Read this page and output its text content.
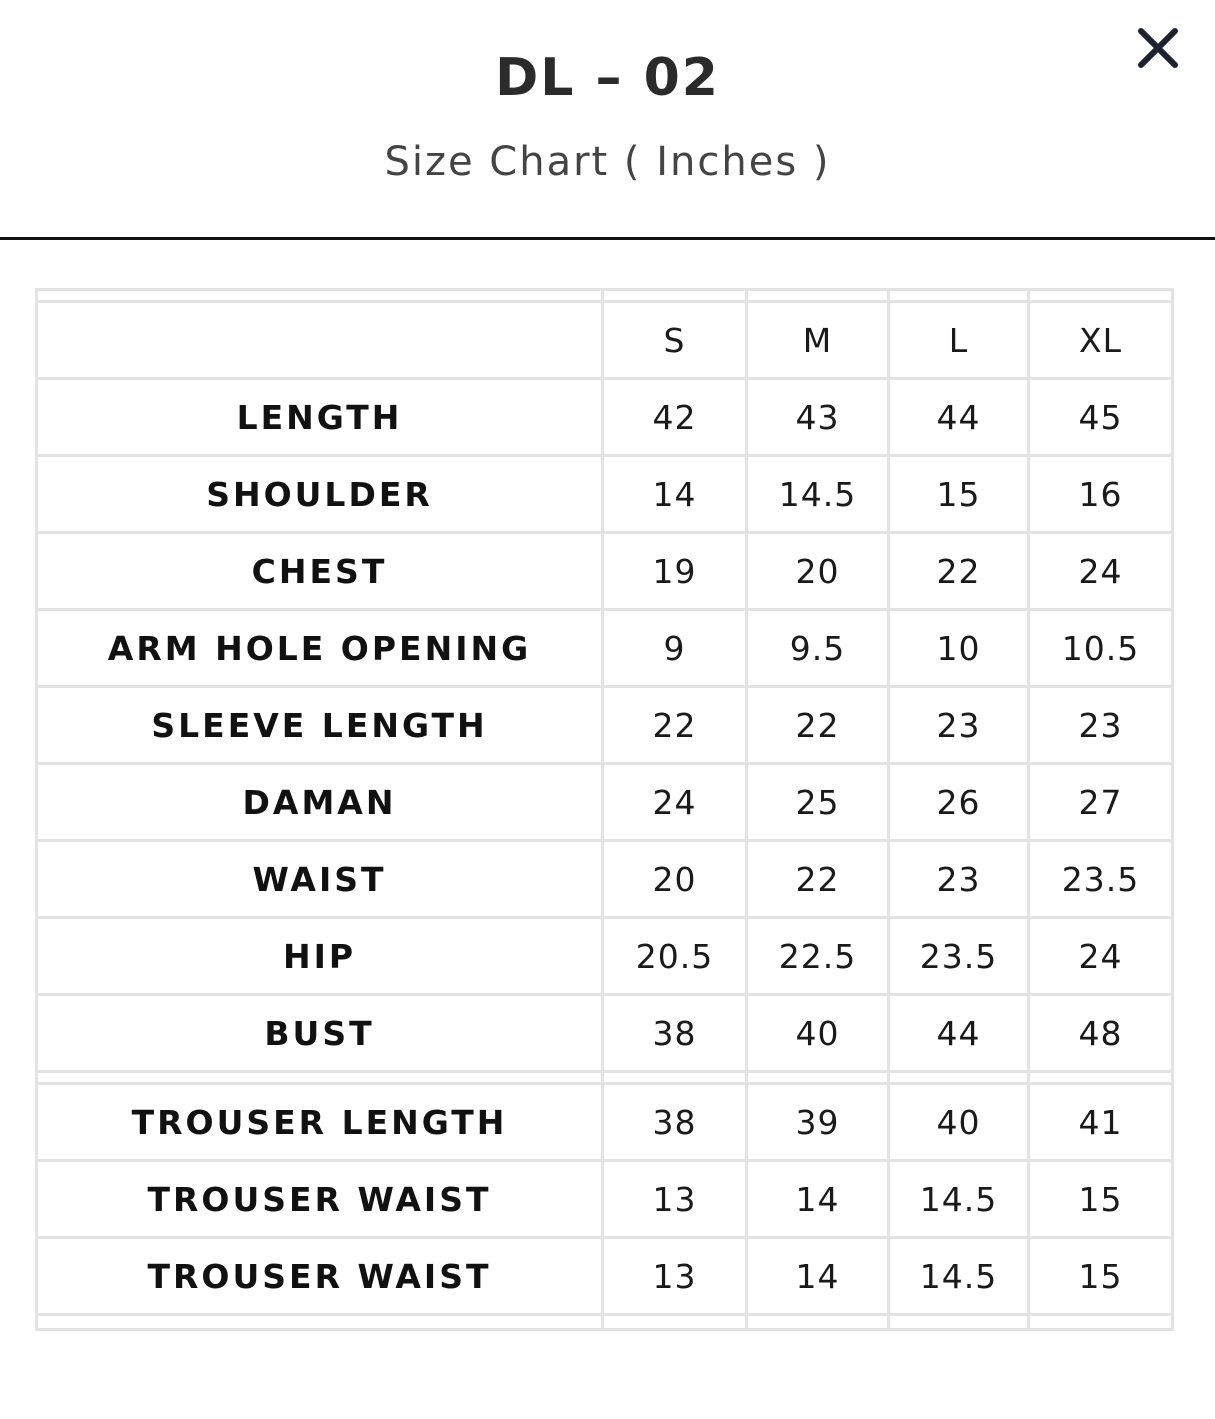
DL – 02
Size Chart ( Inches )

	S	M	L	XL
LENGTH	42	43	44	45
SHOULDER	14	14.5	15	16
CHEST	19	20	22	24
ARM HOLE OPENING	9	9.5	10	10.5
SLEEVE LENGTH	22	22	23	23
DAMAN	24	25	26	27
WAIST	20	22	23	23.5
HIP	20.5	22.5	23.5	24
BUST	38	40	44	48

TROUSER LENGTH	38	39	40	41
TROUSER WAIST	13	14	14.5	15
TROUSER WAIST	13	14	14.5	15
